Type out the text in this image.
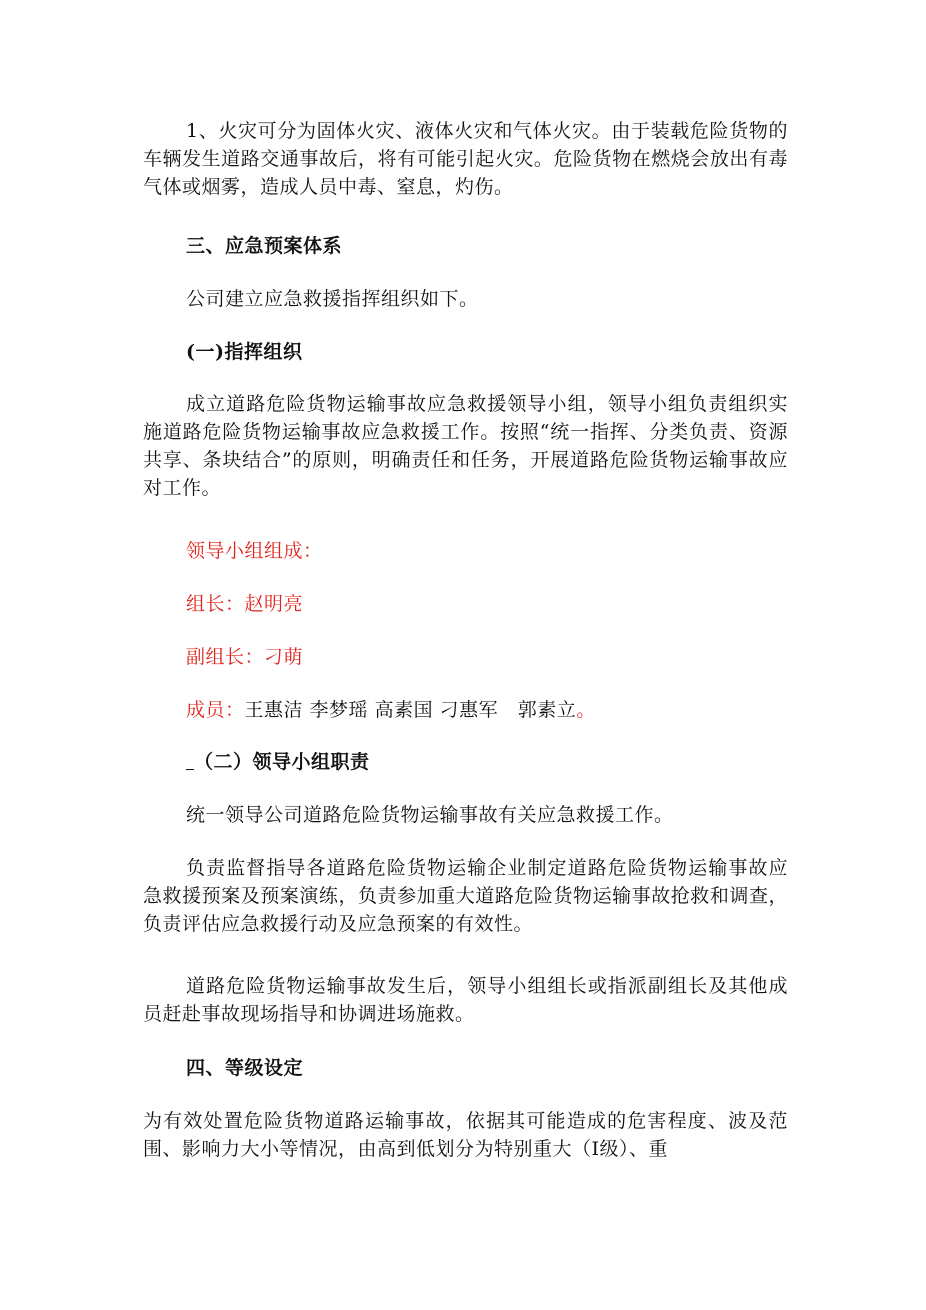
1、火灾可分为固体火灾、液体火灾和气体火灾。由于装载危险货物的车辆发生道路交通事故后，将有可能引起火灾。危险货物在燃烧会放出有毒气体或烟雾，造成人员中毒、窒息，灼伤。

三、应急预案体系

公司建立应急救援指挥组织如下。

(一)指挥组织

成立道路危险货物运输事故应急救援领导小组，领导小组负责组织实施道路危险货物运输事故应急救援工作。按照“统一指挥、分类负责、资源共享、条块结合”的原则，明确责任和任务，开展道路危险货物运输事故应对工作。

领导小组组成：

组长：赵明亮

副组长：刁萌

成员：王惠洁 李梦瑶 高素国 刁惠军   郭素立。

（二）领导小组职责

统一领导公司道路危险货物运输事故有关应急救援工作。

负责监督指导各道路危险货物运输企业制定道路危险货物运输事故应急救援预案及预案演练，负责参加重大道路危险货物运输事故抢救和调查，负责评估应急救援行动及应急预案的有效性。

道路危险货物运输事故发生后，领导小组组长或指派副组长及其他成员赶赴事故现场指导和协调进场施救。

四、等级设定

为有效处置危险货物道路运输事故，依据其可能造成的危害程度、波及范围、影响力大小等情况，由高到低划分为特别重大（Ⅰ级）、重
